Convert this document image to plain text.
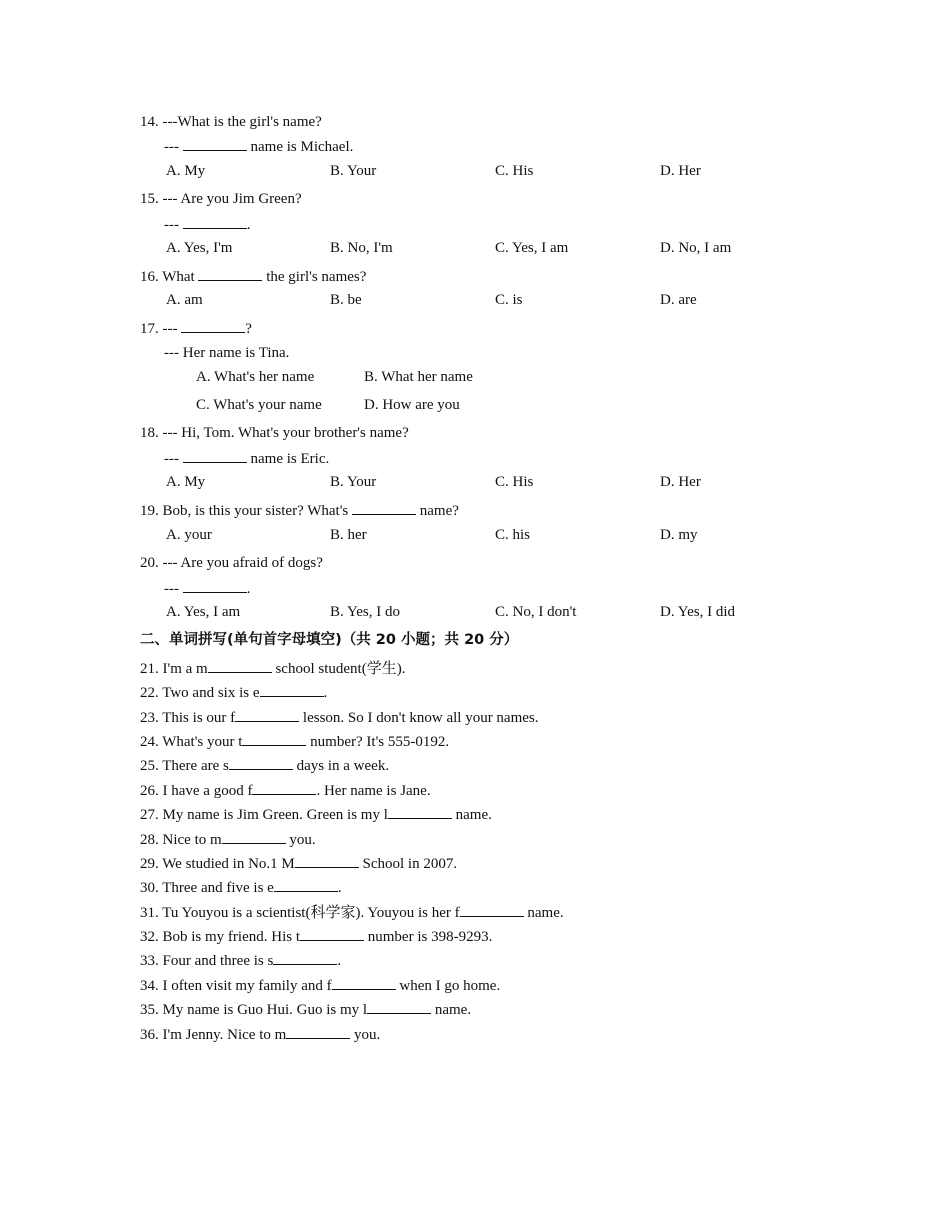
14. ---What is the girl's name?
---	name is Michael.
A. My	B. Your	C. His	D. Her
15. --- Are you Jim Green?
---	.
A. Yes, I'm	B. No, I'm	C. Yes, I am	D. No, I am
16. What	the girl's names?
A. am	B. be	C. is	D. are
17. ---	?
--- Her name is Tina.
A. What's her name	B. What her name
C. What's your name	D. How are you
18. --- Hi, Tom. What's your brother's name?
---	name is Eric.
A. My	B. Your	C. His	D. Her
19. Bob, is this your sister? What's	name?
A. your	B. her	C. his	D. my
20. --- Are you afraid of dogs?
---	.
A. Yes, I am	B. Yes, I do	C. No, I don't	D. Yes, I did
二、单词拼写(单句首字母填空)（共 20 小题；共 20 分）
21. I'm a m	school student(学生).
22. Two and six is e	.
23. This is our f	lesson. So I don't know all your names.
24. What's your t	number? It's 555-0192.
25. There are s	days in a week.
26. I have a good f	. Her name is Jane.
27. My name is Jim Green. Green is my l	name.
28. Nice to m	you.
29. We studied in No.1 M	School in 2007.
30. Three and five is e	.
31. Tu Youyou is a scientist(科学家). Youyou is her f	name.
32. Bob is my friend. His t	number is 398-9293.
33. Four and three is s	.
34. I often visit my family and f	when I go home.
35. My name is Guo Hui. Guo is my l	name.
36. I'm Jenny. Nice to m	you.
